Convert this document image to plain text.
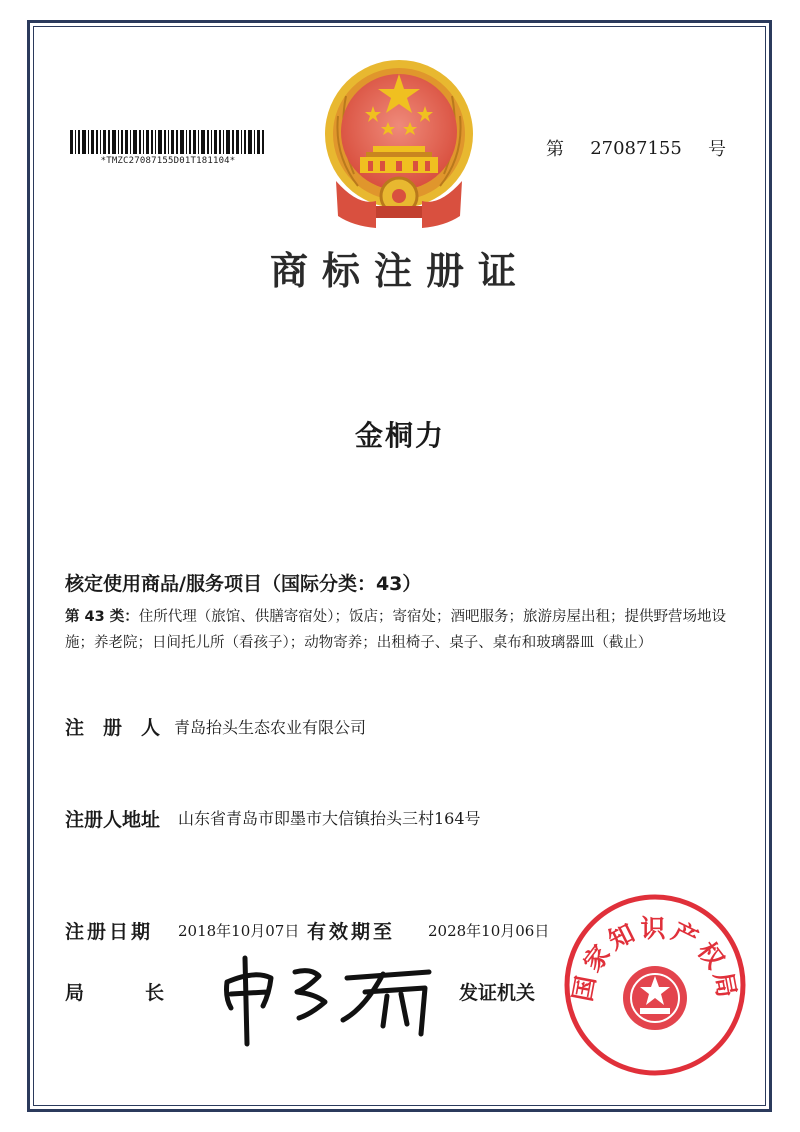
*TMZC27087155D01T181104*
第 27087155 号
商标注册证
金桐力
核定使用商品/服务项目（国际分类：43）
第 43 类：住所代理（旅馆、供膳寄宿处）；饭店；寄宿处；酒吧服务；旅游房屋出租；提供野营场地设施；养老院；日间托儿所（看孩子）；动物寄养；出租椅子、桌子、桌布和玻璃器皿（截止）
注　册　人 青岛抬头生态农业有限公司
注册人地址 山东省青岛市即墨市大信镇抬头三村164号
注册日期 2018年10月07日 有效期至 2028年10月06日
局	长	发证机关 国家知识产权局
